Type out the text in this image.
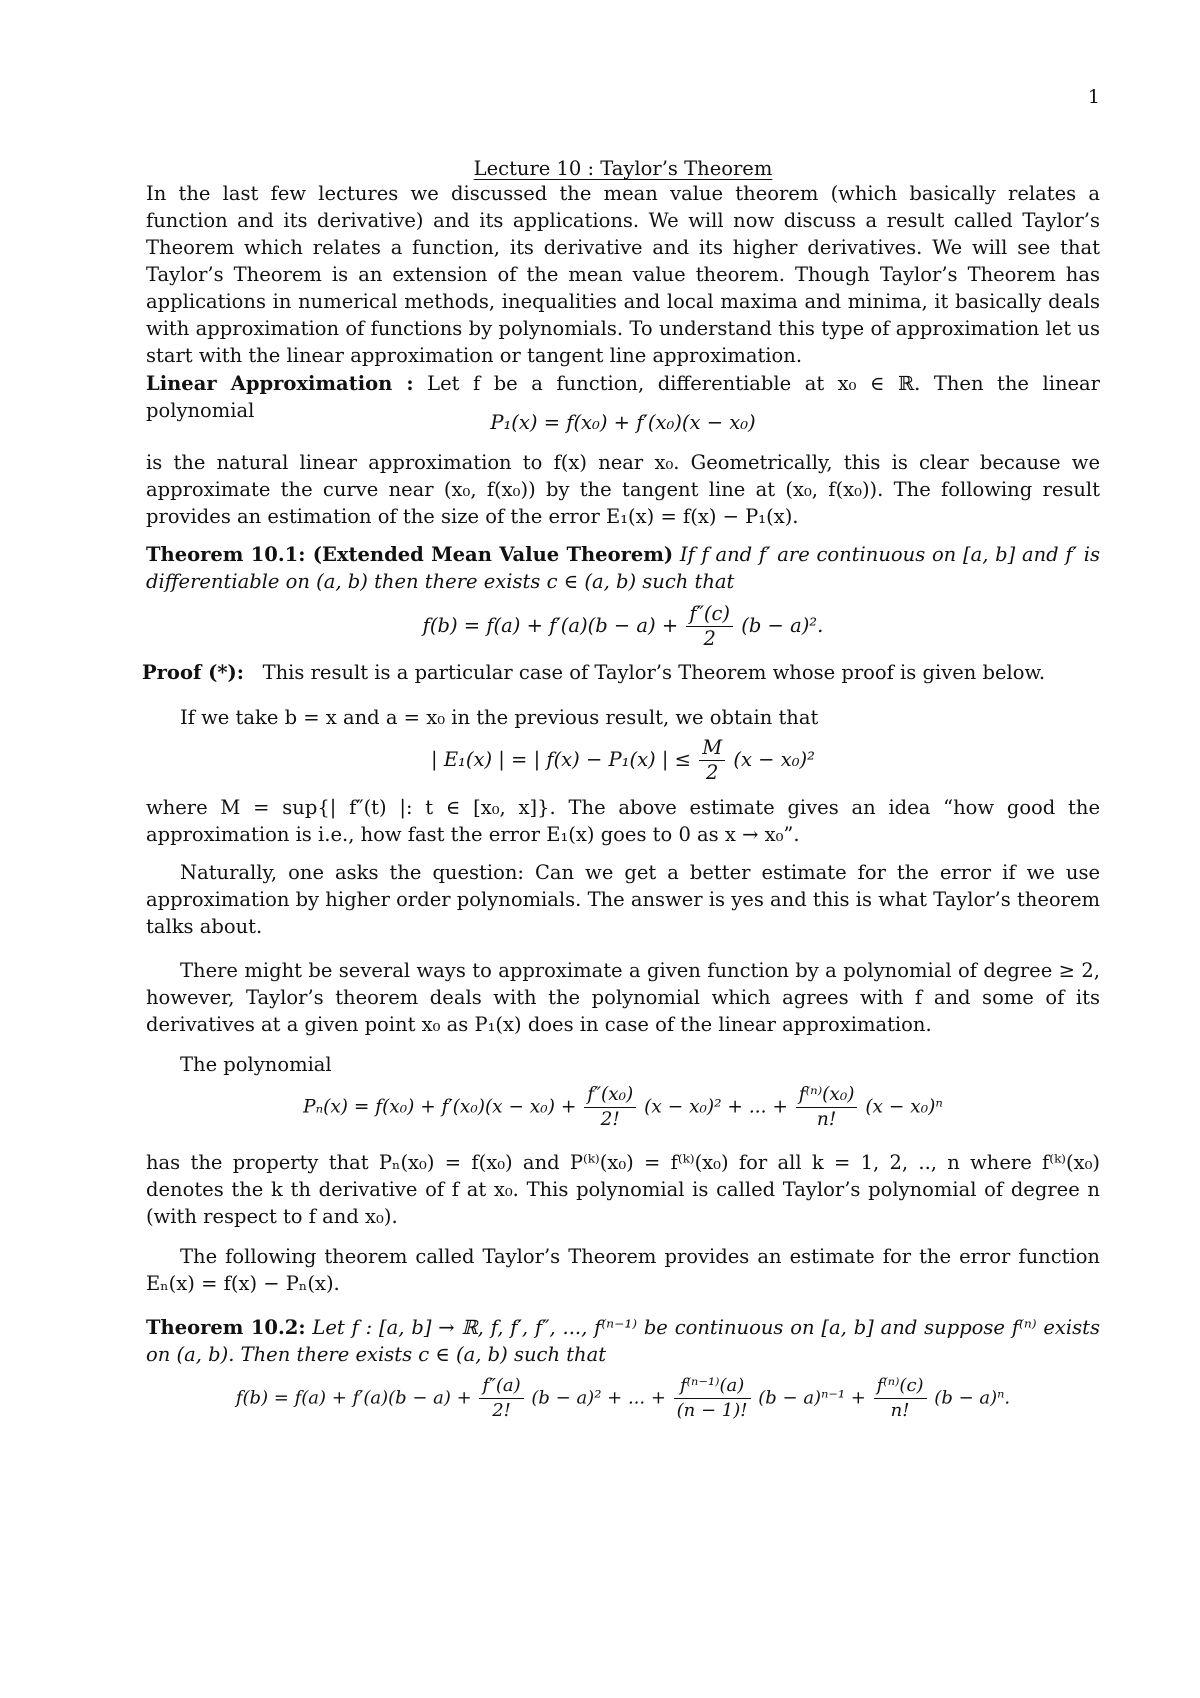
1
Lecture 10 : Taylor’s Theorem

In the last few lectures we discussed the mean value theorem (which basically relates a function and its derivative) and its applications. We will now discuss a result called Taylor’s Theorem which relates a function, its derivative and its higher derivatives. We will see that Taylor’s Theorem is an extension of the mean value theorem. Though Taylor’s Theorem has applications in numerical methods, inequalities and local maxima and minima, it basically deals with approximation of functions by polynomials. To understand this type of approximation let us start with the linear approximation or tangent line approximation.

Linear Approximation : Let f be a function, differentiable at x₀ ∈ ℝ. Then the linear polynomial

P₁(x) = f(x₀) + f′(x₀)(x − x₀)

is the natural linear approximation to f(x) near x₀. Geometrically, this is clear because we approximate the curve near (x₀, f(x₀)) by the tangent line at (x₀, f(x₀)). The following result provides an estimation of the size of the error E₁(x) = f(x) − P₁(x).

Theorem 10.1: (Extended Mean Value Theorem) If f and f′ are continuous on [a, b] and f′ is differentiable on (a, b) then there exists c ∈ (a, b) such that

$f(b) = f(a) + f'(a)(b - a) + \frac{f''(c)}{2} (b - a)^2$.

Proof (*): This result is a particular case of Taylor’s Theorem whose proof is given below.

If we take b = x and a = x₀ in the previous result, we obtain that

| E₁(x) | = | f(x) − P₁(x) | ≤ $\frac{M}{2} (x - x_0)^2$

where M = sup{| f″(t) |: t ∈ [x₀, x]}. The above estimate gives an idea “how good the approximation is i.e., how fast the error E₁(x) goes to 0 as x → x₀”.

Naturally, one asks the question: Can we get a better estimate for the error if we use approximation by higher order polynomials. The answer is yes and this is what Taylor’s theorem talks about.

There might be several ways to approximate a given function by a polynomial of degree ≥ 2, however, Taylor’s theorem deals with the polynomial which agrees with f and some of its derivatives at a given point x₀ as P₁(x) does in case of the linear approximation.

The polynomial

$P_n(x) = f(x_0) + f'(x_0)(x - x_0) + \frac{\text{f″(x₀)}}{2!} (x - x_0)^2$ + ... + $\frac{\text{f⁽ⁿ⁾(x₀)}}{n!} (x - x_0)^n$

has the property that Pₙ(x₀) = f(x₀) and P⁽ᵏ⁾(x₀) = f⁽ᵏ⁾(x₀) for all k = 1, 2, .., n where f⁽ᵏ⁾(x₀) denotes the k th derivative of f at x₀. This polynomial is called Taylor’s polynomial of degree n (with respect to f and x₀).

The following theorem called Taylor’s Theorem provides an estimate for the error function Eₙ(x) = f(x) − Pₙ(x).

Theorem 10.2: Let f : [a, b] → ℝ, f, f′, f″, ..., f⁽ⁿ⁻¹⁾ be continuous on [a, b] and suppose f⁽ⁿ⁾ exists on (a, b). Then there exists c ∈ (a, b) such that

$f(b) = f(a) + f'(a)(b - a) + \frac{f''(a)}{2!} (b - a)^2$ + ... + $\frac{\text{f⁽ⁿ⁻¹⁾(a)}}{(n - 1)!} (b - a)^{n-1} + \frac{\text{f⁽ⁿ⁾(c)}}{n!} (b - a)^n$.
